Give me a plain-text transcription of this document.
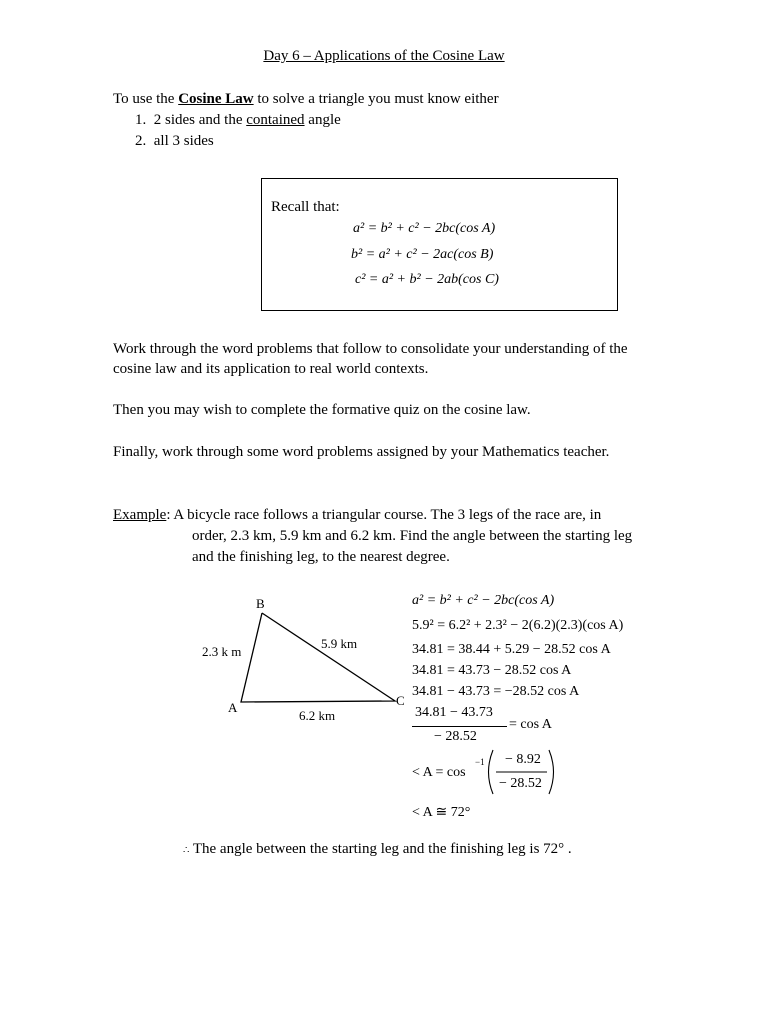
Day 6 – Applications of the Cosine Law
To use the Cosine Law to solve a triangle you must know either
1. 2 sides and the contained angle
2. all 3 sides
Recall that:
a² = b² + c² − 2bc(cos A)
b² = a² + c² − 2ac(cos B)
c² = a² + b² − 2ab(cos C)
Work through the word problems that follow to consolidate your understanding of the
cosine law and its application to real world contexts.
Then you may wish to complete the formative quiz on the cosine law.
Finally, work through some word problems assigned by your Mathematics teacher.
Example: A bicycle race follows a triangular course. The 3 legs of the race are, in
order, 2.3 km, 5.9 km and 6.2 km. Find the angle between the starting leg
and the finishing leg, to the nearest degree.
B
A	C
2.3 k m
5.9 km
6.2 km
a² = b² + c² − 2bc(cos A)
5.9² = 6.2² + 2.3² − 2(6.2)(2.3)(cos A)
34.81 = 38.44 + 5.29 − 28.52 cos A
34.81 = 43.73 − 28.52 cos A
34.81 − 43.73 = −28.52 cos A
34.81 − 43.73
− 28.52
= cos A
< A = cos
−1 − 8.92
− 28.52
< A ≅ 72°
∴ The angle between the starting leg and the finishing leg is 72° .
